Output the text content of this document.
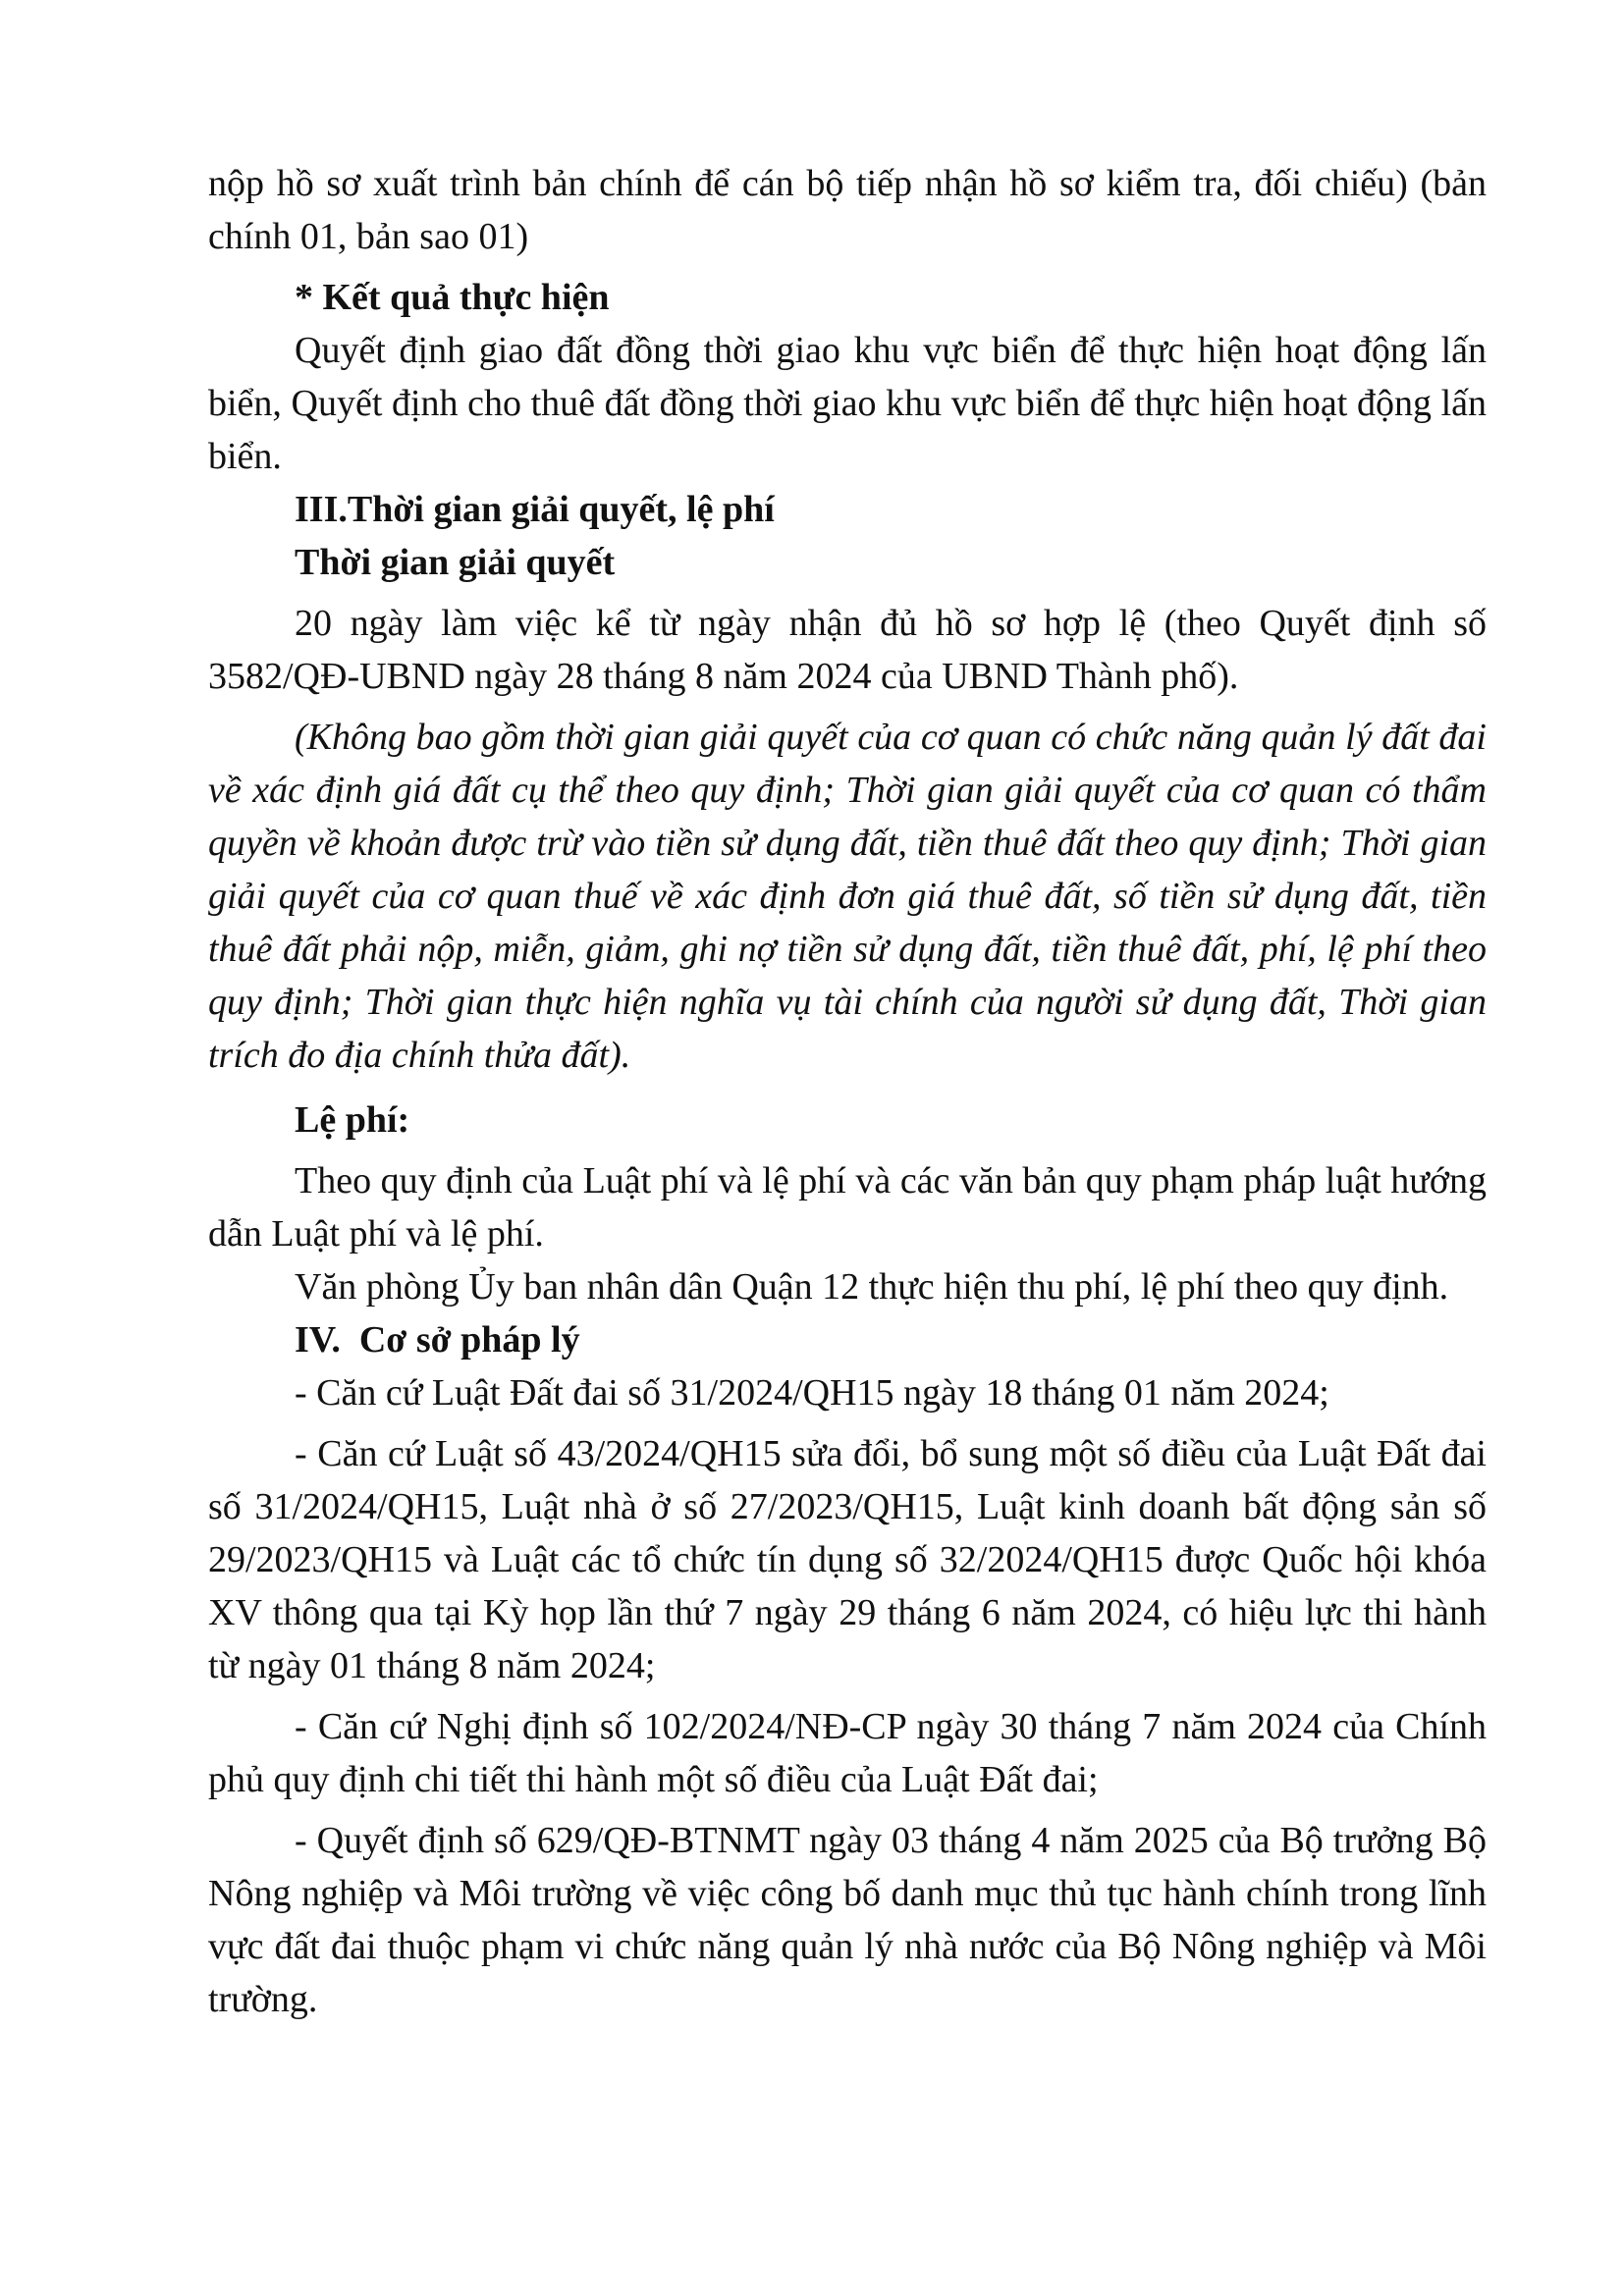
nộp hồ sơ xuất trình bản chính để cán bộ tiếp nhận hồ sơ kiểm tra, đối chiếu) (bản chính 01, bản sao 01)

* Kết quả thực hiện

Quyết định giao đất đồng thời giao khu vực biển để thực hiện hoạt động lấn biển, Quyết định cho thuê đất đồng thời giao khu vực biển để thực hiện hoạt động lấn biển.

III.Thời gian giải quyết, lệ phí

Thời gian giải quyết

20 ngày làm việc kể từ ngày nhận đủ hồ sơ hợp lệ (theo Quyết định số 3582/QĐ-UBND ngày 28 tháng 8 năm 2024 của UBND Thành phố).

(Không bao gồm thời gian giải quyết của cơ quan có chức năng quản lý đất đai về xác định giá đất cụ thể theo quy định; Thời gian giải quyết của cơ quan có thẩm quyền về khoản được trừ vào tiền sử dụng đất, tiền thuê đất theo quy định; Thời gian giải quyết của cơ quan thuế về xác định đơn giá thuê đất, số tiền sử dụng đất, tiền thuê đất phải nộp, miễn, giảm, ghi nợ tiền sử dụng đất, tiền thuê đất, phí, lệ phí theo quy định; Thời gian thực hiện nghĩa vụ tài chính của người sử dụng đất, Thời gian trích đo địa chính thửa đất).

Lệ phí:

Theo quy định của Luật phí và lệ phí và các văn bản quy phạm pháp luật hướng dẫn Luật phí và lệ phí.

Văn phòng Ủy ban nhân dân Quận 12 thực hiện thu phí, lệ phí theo quy định.

IV. Cơ sở pháp lý

- Căn cứ Luật Đất đai số 31/2024/QH15 ngày 18 tháng 01 năm 2024;

- Căn cứ Luật số 43/2024/QH15 sửa đổi, bổ sung một số điều của Luật Đất đai số 31/2024/QH15, Luật nhà ở số 27/2023/QH15, Luật kinh doanh bất động sản số 29/2023/QH15 và Luật các tổ chức tín dụng số 32/2024/QH15 được Quốc hội khóa XV thông qua tại Kỳ họp lần thứ 7 ngày 29 tháng 6 năm 2024, có hiệu lực thi hành từ ngày 01 tháng 8 năm 2024;

- Căn cứ Nghị định số 102/2024/NĐ-CP ngày 30 tháng 7 năm 2024 của Chính phủ quy định chi tiết thi hành một số điều của Luật Đất đai;

- Quyết định số 629/QĐ-BTNMT ngày 03 tháng 4 năm 2025 của Bộ trưởng Bộ Nông nghiệp và Môi trường về việc công bố danh mục thủ tục hành chính trong lĩnh vực đất đai thuộc phạm vi chức năng quản lý nhà nước của Bộ Nông nghiệp và Môi trường.
